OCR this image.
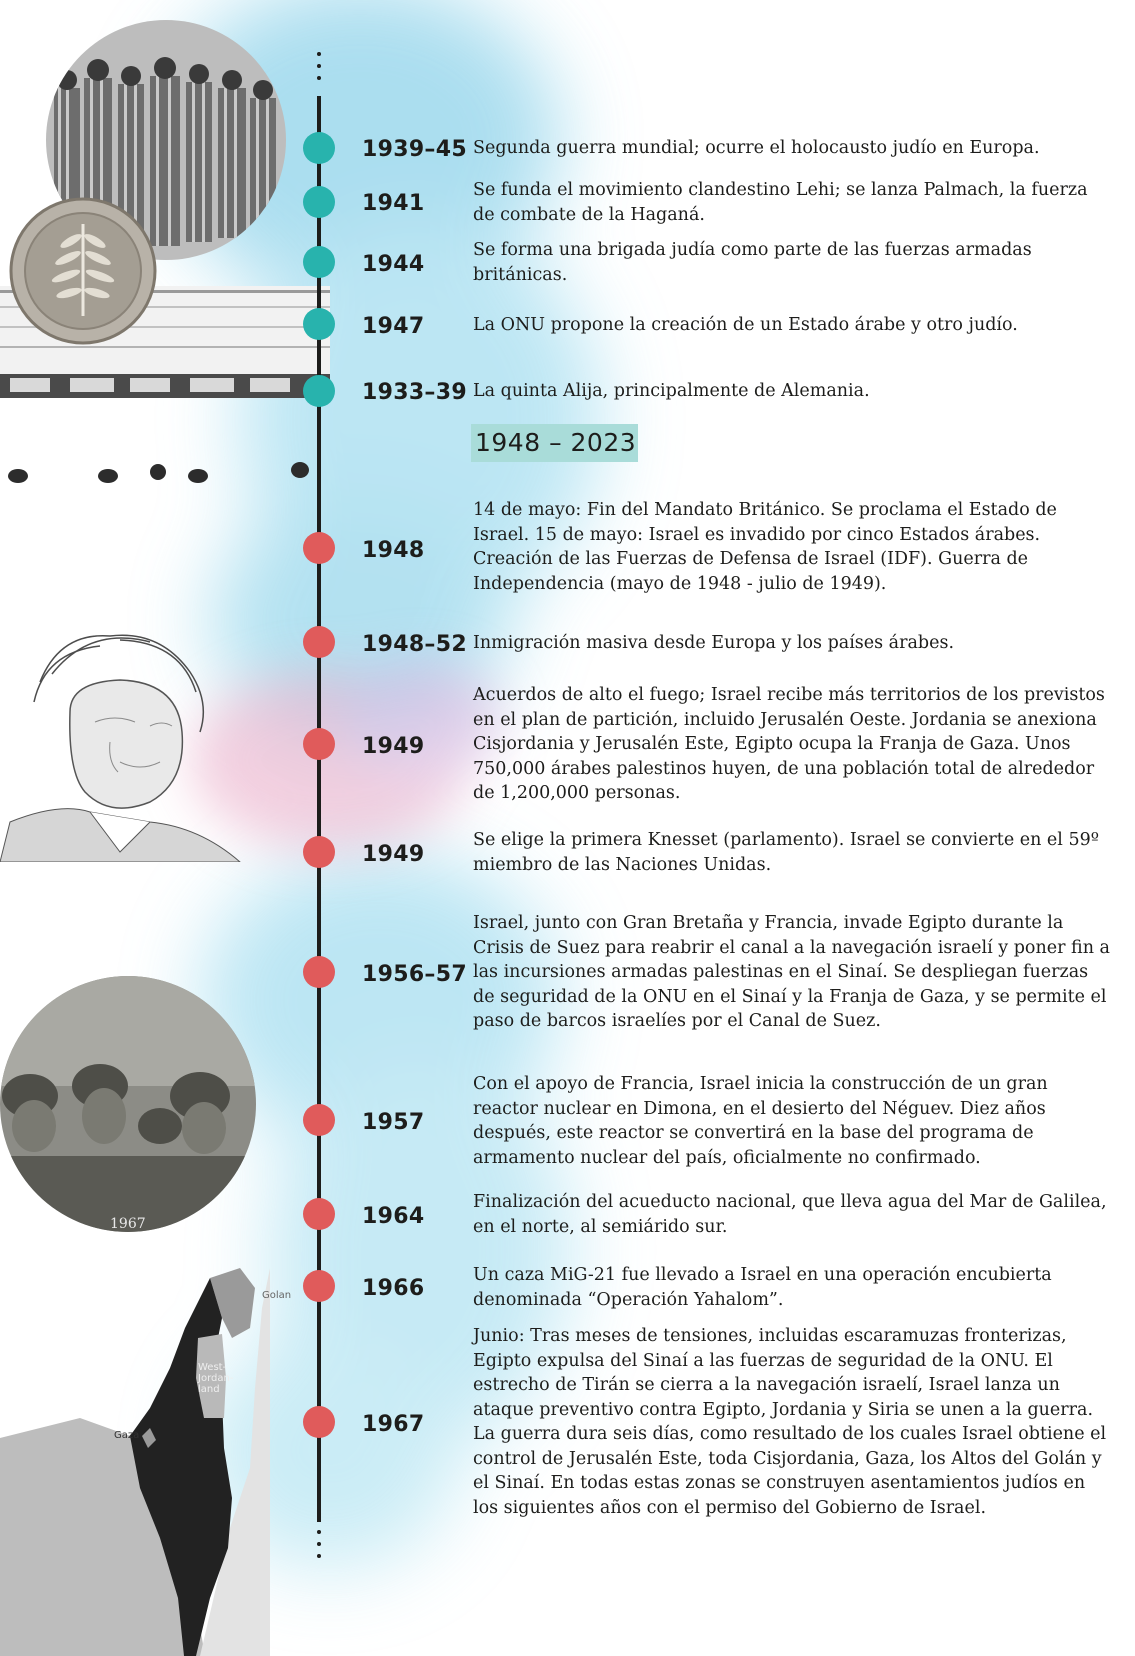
1967
Golan
West-Jordan-land
Gaza
1948 – 2023
1939–45 Segunda guerra mundial; ocurre el holocausto judío en Europa.
1941
Se funda el movimiento clandestino Lehi; se lanza Palmach, la fuerza de combate de la Haganá.
1944
Se forma una brigada judía como parte de las fuerzas armadas británicas.
1947	La ONU propone la creación de un Estado árabe y otro judío.
1933–39 La quinta Alija, principalmente de Alemania.
1948
14 de mayo: Fin del Mandato Británico. Se proclama el Estado de Israel. 15 de mayo: Israel es invadido por cinco Estados árabes. Creación de las Fuerzas de Defensa de Israel (IDF). Guerra de Independencia (mayo de 1948 - julio de 1949).
1948–52 Inmigración masiva desde Europa y los países árabes.
1949
Acuerdos de alto el fuego; Israel recibe más territorios de los previstos en el plan de partición, incluido Jerusalén Oeste. Jordania se anexiona Cisjordania y Jerusalén Este, Egipto ocupa la Franja de Gaza. Unos 750,000 árabes palestinos huyen, de una población total de alrededor de 1,200,000 personas.
1949
Se elige la primera Knesset (parlamento). Israel se convierte en el 59º miembro de las Naciones Unidas.
1956–57
Israel, junto con Gran Bretaña y Francia, invade Egipto durante la Crisis de Suez para reabrir el canal a la navegación israelí y poner fin a las incursiones armadas palestinas en el Sinaí. Se despliegan fuerzas de seguridad de la ONU en el Sinaí y la Franja de Gaza, y se permite el paso de barcos israelíes por el Canal de Suez.
1957
Con el apoyo de Francia, Israel inicia la construcción de un gran reactor nuclear en Dimona, en el desierto del Néguev. Diez años después, este reactor se convertirá en la base del programa de armamento nuclear del país, oficialmente no confirmado.
1964
Finalización del acueducto nacional, que lleva agua del Mar de Galilea, en el norte, al semiárido sur.
1966
Un caza MiG-21 fue llevado a Israel en una operación encubierta denominada “Operación Yahalom”.
1967
Junio: Tras meses de tensiones, incluidas escaramuzas fronterizas, Egipto expulsa del Sinaí a las fuerzas de seguridad de la ONU. El estrecho de Tirán se cierra a la navegación israelí, Israel lanza un ataque preventivo contra Egipto, Jordania y Siria se unen a la guerra. La guerra dura seis días, como resultado de los cuales Israel obtiene el control de Jerusalén Este, toda Cisjordania, Gaza, los Altos del Golán y el Sinaí. En todas estas zonas se construyen asentamientos judíos en los siguientes años con el permiso del Gobierno de Israel.
